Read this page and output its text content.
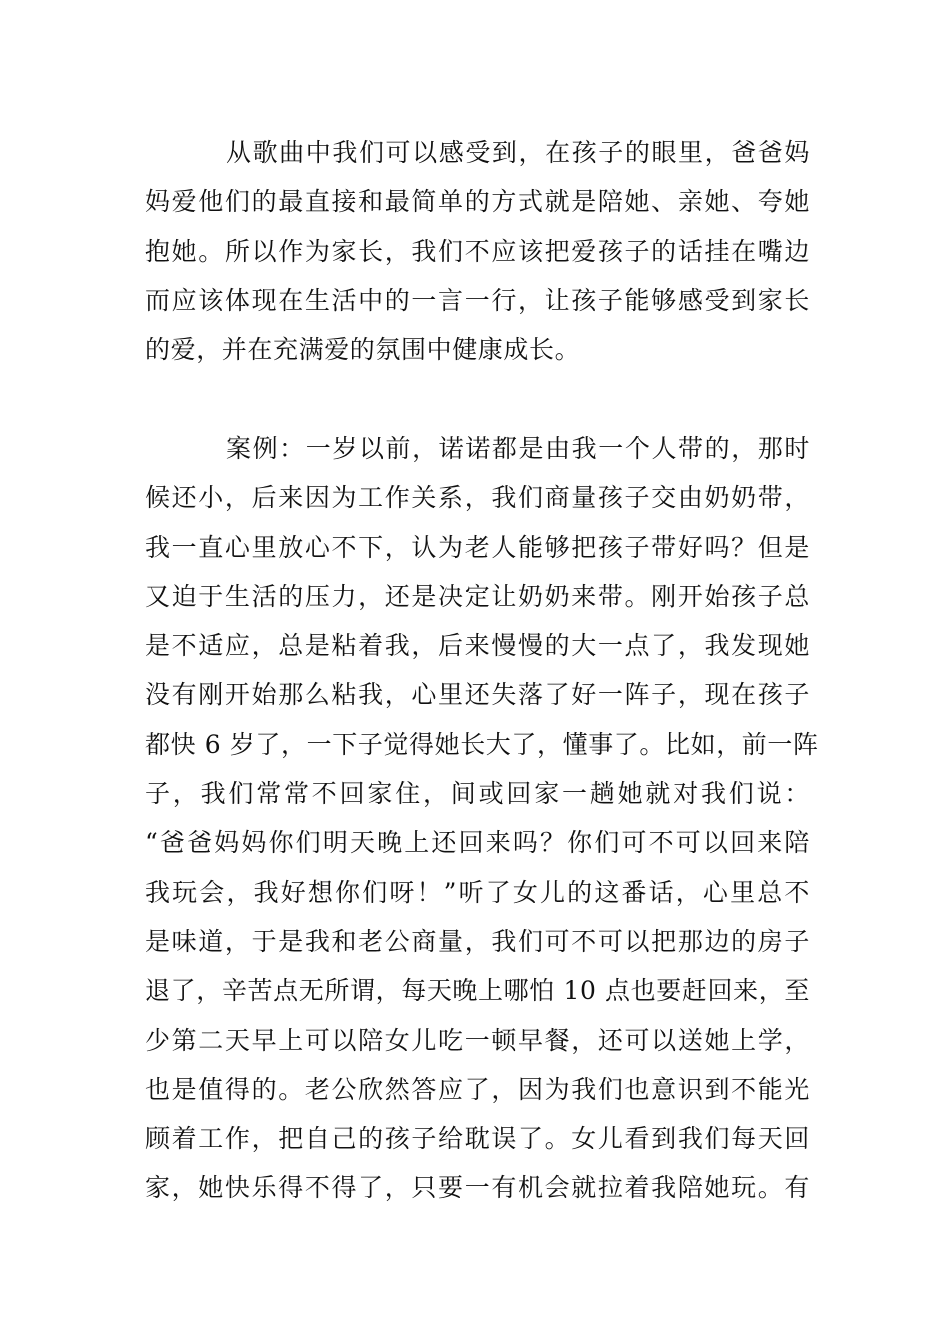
从歌曲中我们可以感受到，在孩子的眼里，爸爸妈
妈爱他们的最直接和最简单的方式就是陪她、亲她、夸她
抱她。所以作为家长，我们不应该把爱孩子的话挂在嘴边
而应该体现在生活中的一言一行，让孩子能够感受到家长
的爱，并在充满爱的氛围中健康成长。
案例：一岁以前，诺诺都是由我一个人带的，那时
候还小，后来因为工作关系，我们商量孩子交由奶奶带，
我一直心里放心不下，认为老人能够把孩子带好吗？但是
又迫于生活的压力，还是决定让奶奶来带。刚开始孩子总
是不适应，总是粘着我，后来慢慢的大一点了，我发现她
没有刚开始那么粘我，心里还失落了好一阵子，现在孩子
都快 6 岁了，一下子觉得她长大了，懂事了。比如，前一阵
子，我们常常不回家住，间或回家一趟她就对我们说：
“爸爸妈妈你们明天晚上还回来吗？你们可不可以回来陪
我玩会，我好想你们呀！”听了女儿的这番话，心里总不
是味道，于是我和老公商量，我们可不可以把那边的房子
退了，辛苦点无所谓，每天晚上哪怕 10 点也要赶回来，至
少第二天早上可以陪女儿吃一顿早餐，还可以送她上学，
也是值得的。老公欣然答应了，因为我们也意识到不能光
顾着工作，把自己的孩子给耽误了。女儿看到我们每天回
家，她快乐得不得了，只要一有机会就拉着我陪她玩。有
